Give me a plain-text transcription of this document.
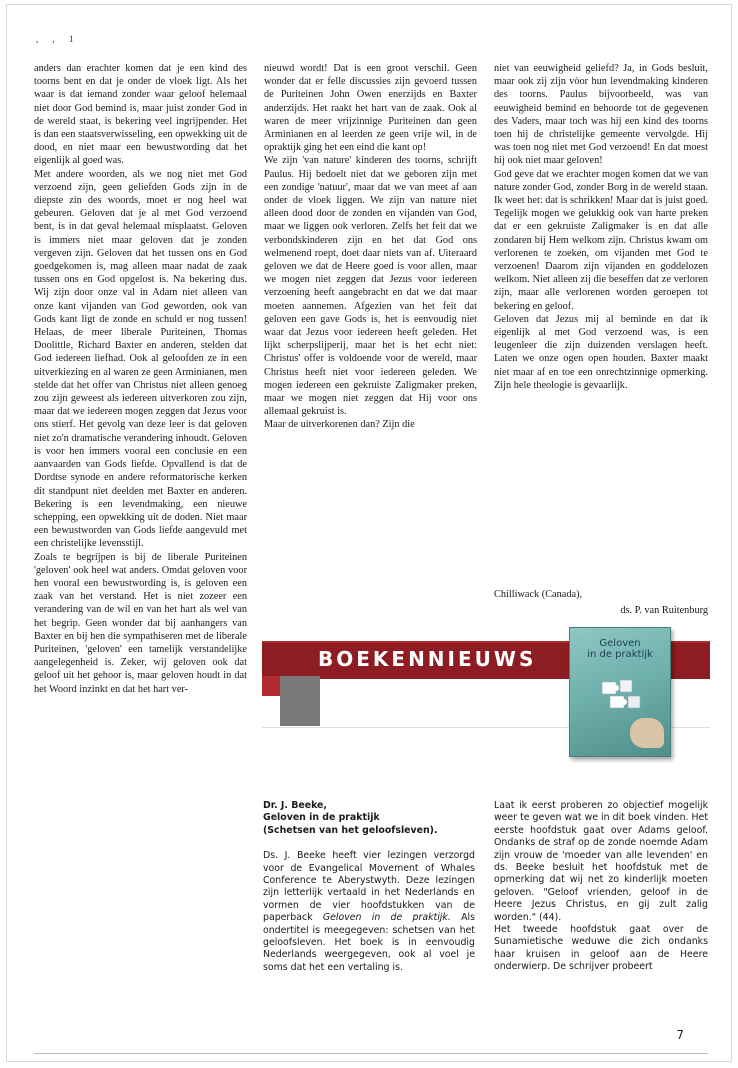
, , 1

anders dan erachter komen dat je een kind des toorns bent en dat je onder de vloek ligt. Als het waar is dat iemand zonder waar geloof helemaal niet door God bemind is, maar juist zonder God in de wereld staat, is bekering veel ingrijpender. Het is dan een staatsverwisseling, een opwekking uit de dood, en niet maar een bewustwording dat het eigenlijk al goed was.

Met andere woorden, als we nog niet met God verzoend zijn, geen geliefden Gods zijn in de diepste zin des woords, moet er nog heel wat gebeuren. Geloven dat je al met God verzoend bent, is in dat geval helemaal misplaatst. Geloven is immers niet maar geloven dat je zonden vergeven zijn. Geloven dat het tussen ons en God goedgekomen is, mag alleen maar nadat de zaak tussen ons en God opgelost is. Na bekering dus. Wij zijn door onze val in Adam niet alleen van onze kant vijanden van God geworden, ook van Gods kant ligt de zonde en schuld er nog tussen! Helaas, de meer liberale Puriteinen, Thomas Doolittle, Richard Baxter en anderen, stelden dat God iedereen liefhad. Ook al geloofden ze in een uitverkiezing en al waren ze geen Arminianen, men stelde dat het offer van Christus niet alleen genoeg zou zijn geweest als iedereen uitverkoren zou zijn, maar dat we iedereen mogen zeggen dat Jezus voor ons stierf. Het gevolg van deze leer is dat geloven niet zo'n dramatische verandering inhoudt. Geloven is voor hen immers vooral een conclusie en een aanvaarden van Gods liefde. Opvallend is dat de Dordtse synode en andere reformatorische kerken dit standpunt niet deelden met Baxter en anderen. Bekering is een levendmaking, een nieuwe schepping, een opwekking uit de doden. Niet maar een bewustworden van Gods liefde aangevuld met een christelijke levensstijl.

Zoals te begrijpen is bij de liberale Puriteinen 'geloven' ook heel wat anders. Omdat geloven voor hen vooral een bewustwording is, is geloven een zaak van het verstand. Het is niet zozeer een verandering van de wil en van het hart als wel van het begrip. Geen wonder dat bij aanhangers van Baxter en bij hen die sympathiseren met de liberale Puriteinen, 'geloven' een tamelijk verstandelijke aangelegenheid is. Zeker, wij geloven ook dat geloof uit het gehoor is, maar geloven houdt in dat het Woord inzinkt en dat het hart ver-

nieuwd wordt! Dat is een groot verschil. Geen wonder dat er felle discussies zijn gevoerd tussen de Puriteinen John Owen enerzijds en Baxter anderzijds. Het raakt het hart van de zaak. Ook al waren de meer vrijzinnige Puriteinen dan geen Arminianen en al leerden ze geen vrije wil, in de opraktijk ging het een eind die kant op!

We zijn 'van nature' kinderen des toorns, schrijft Paulus. Hij bedoelt niet dat we geboren zijn met een zondige 'natuur', maar dat we van meet af aan onder de vloek liggen. We zijn van nature niet alleen dood door de zonden en vijanden van God, maar we liggen ook verloren. Zelfs het feit dat we verbondskinderen zijn en het dat God ons welmenend roept, doet daar niets van af. Uiteraard geloven we dat de Heere goed is voor allen, maar we mogen niet zeggen dat Jezus voor iedereen verzoening heeft aangebracht en dat we dat maar moeten aannemen. Afgezien van het feit dat geloven een gave Gods is, het is eenvoudig niet waar dat Jezus voor iedereen heeft geleden. Het lijkt scherpslijperij, maar het is het echt niet: Christus' offer is voldoende voor de wereld, maar Christus heeft niet voor iedereen geleden. We mogen iedereen een gekruiste Zaligmaker preken, maar we mogen niet zeggen dat Hij voor ons allemaal gekruist is.

Maar de uitverkorenen dan? Zijn die

niet van eeuwigheid geliefd? Ja, in Gods besluit, maar ook zij zijn vòor hun levendmaking kinderen des toorns. Paulus bijvoorbeeld, was van eeuwigheid bemind en behoorde tot de gegevenen des Vaders, maar toch was hij een kind des toorns toen hij de christelijke gemeente vervolgde. Hij was toen nog niet met God verzoend! En dat moest hij ook niet maar geloven!

God geve dat we erachter mogen komen dat we van nature zonder God, zonder Borg in de wereld staan. Ik weet het: dat is schrikken! Maar dat is juist goed. Tegelijk mogen we gelukkig ook van harte preken dat er een gekruiste Zaligmaker is en dat alle zondaren bij Hem welkom zijn. Christus kwam om verlorenen te zoeken, om vijanden met God te verzoenen! Daarom zijn vijanden en goddelozen welkom. Niet alleen zij die beseffen dat ze verloren zijn, maar alle verlorenen worden geroepen tot bekering en geloof.

Geloven dat Jezus mij al beminde en dat ik eigenlijk al met God verzoend was, is een leugenleer die zijn duizenden verslagen heeft. Laten we onze ogen open houden. Baxter maakt niet maar af en toe een onrechtzinnige opmerking. Zijn hele theologie is gevaarlijk.

Chilliwack (Canada),
ds. P. van Ruitenburg
BOEKENNIEUWS
Geloven
in de praktijk
Dr. J. Beeke,
Geloven in de praktijk
(Schetsen van het geloofsleven).

Ds. J. Beeke heeft vier lezingen verzorgd voor de Evangelical Movement of Whales Conference te Aberystwyth. Deze lezingen zijn letterlijk vertaald in het Nederlands en vormen de vier hoofdstukken van de paperback Geloven in de praktijk. Als ondertitel is meegegeven: schetsen van het geloofsleven. Het boek is in eenvoudig Nederlands weergegeven, ook al voel je soms dat het een vertaling is.

Laat ik eerst proberen zo objectief mogelijk weer te geven wat we in dit boek vinden. Het eerste hoofdstuk gaat over Adams geloof. Ondanks de straf op de zonde noemde Adam zijn vrouw de 'moeder van alle levenden' en ds. Beeke besluit het hoofdstuk met de opmerking dat wij net zo kinderlijk moeten geloven. "Geloof vrienden, geloof in de Heere Jezus Christus, en gij zult zalig worden." (44).

Het tweede hoofdstuk gaat over de Sunamietische weduwe die zich ondanks haar kruisen in geloof aan de Heere onderwierp. De schrijver probeert

7
